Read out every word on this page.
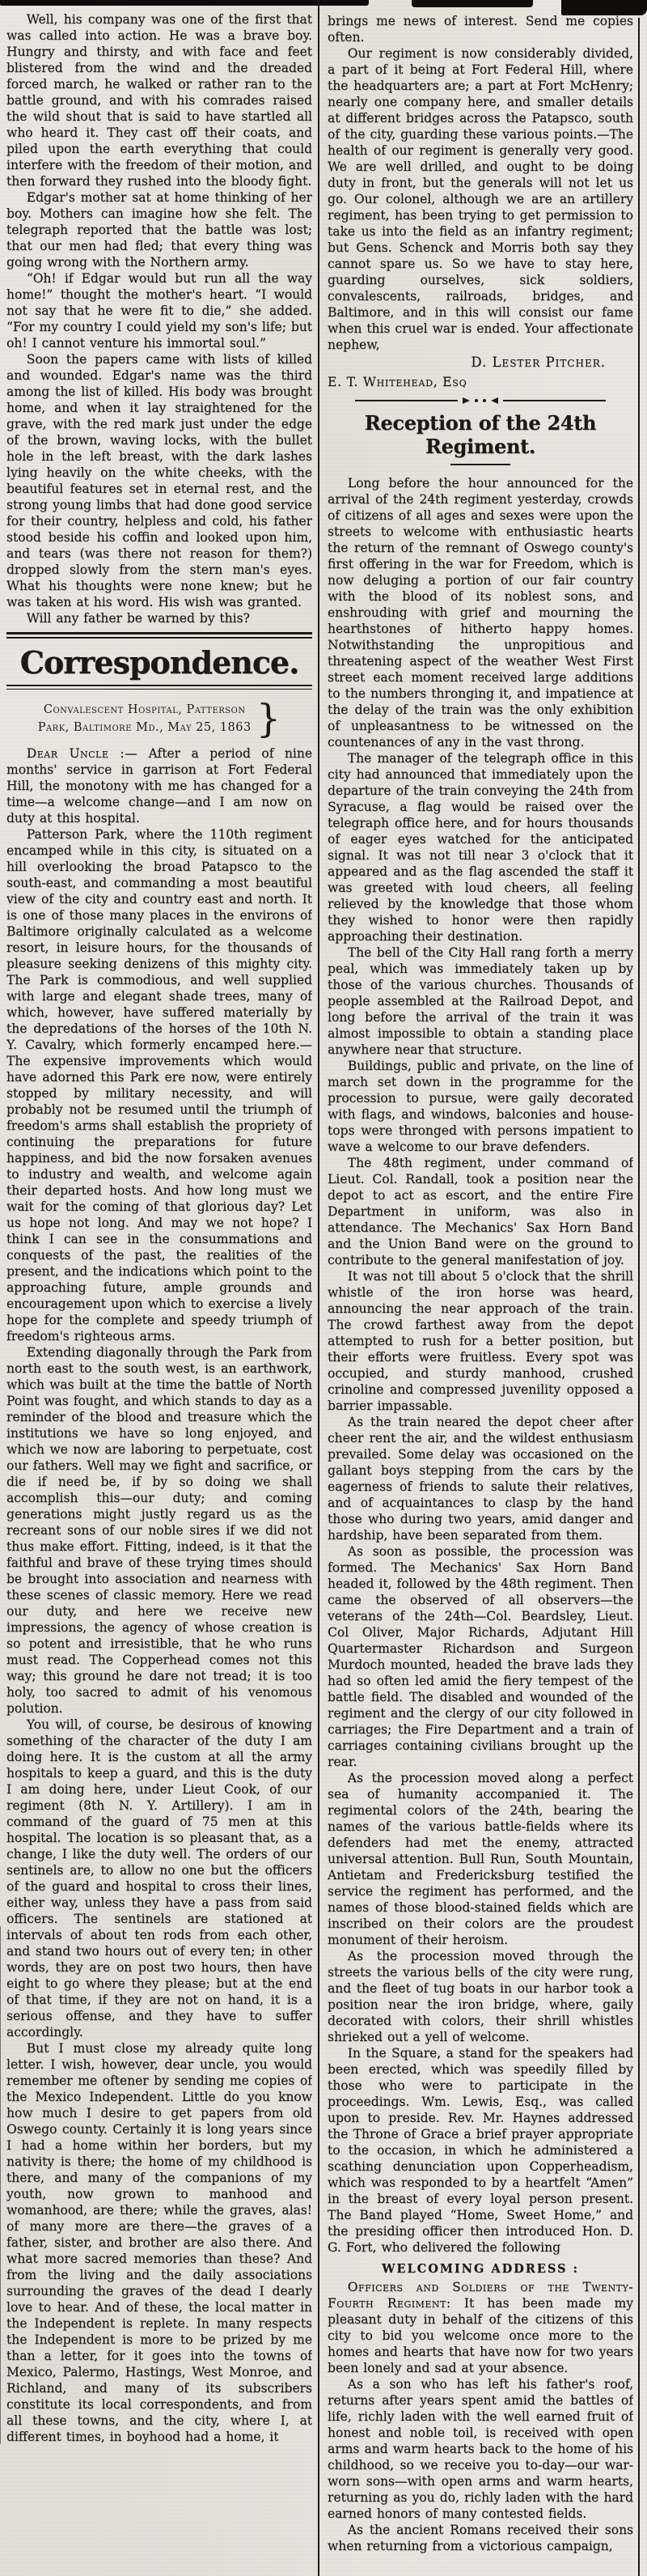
Well, his company was one of the first that was called into action. He was a brave boy. Hungry and thirsty, and with face and feet blistered from the wind and the dreaded forced march, he walked or rather ran to the battle ground, and with his comrades raised the wild shout that is said to have startled all who heard it. They cast off their coats, and piled upon the earth everything that could interfere with the freedom of their motion, and then forward they rushed into the bloody fight.

Edgar's mother sat at home thinking of her boy. Mothers can imagine how she felt. The telegraph reported that the battle was lost; that our men had fled; that every thing was going wrong with the Northern army.

“Oh! if Edgar would but run all the way home!” thought the mother's heart. “I would not say that he were fit to die,” she added. “For my country I could yield my son's life; but oh! I cannot venture his immortal soul.”

Soon the papers came with lists of killed and wounded. Edgar's name was the third among the list of killed. His body was brought home, and when it lay straightened for the grave, with the red mark just under the edge of the brown, waving locks, with the bullet hole in the left breast, with the dark lashes lying heavily on the white cheeks, with the beautiful features set in eternal rest, and the strong young limbs that had done good service for their country, helpless and cold, his father stood beside his coffin and looked upon him, and tears (was there not reason for them?) dropped slowly from the stern man's eyes. What his thoughts were none knew; but he was taken at his word. His wish was granted.

Will any father be warned by this?

Correspondence.
Convalescent Hospital, Patterson
Park, Baltimore Md., May 25, 1863 }

Dear Uncle :— After a period of nine months' service in garrison at Fort Federal Hill, the monotony with me has changed for a time—a welcome change—and I am now on duty at this hospital.

Patterson Park, where the 110th regiment encamped while in this city, is situated on a hill overlooking the broad Patapsco to the south-east, and commanding a most beautiful view of the city and country east and north. It is one of those many places in the environs of Baltimore originally calculated as a welcome resort, in leisure hours, for the thousands of pleasure seeking denizens of this mighty city. The Park is commodious, and well supplied with large and elegant shade trees, many of which, however, have suffered materially by the depredations of the horses of the 10th N. Y. Cavalry, which formerly encamped here.—The expensive improvements which would have adorned this Park ere now, were entirely stopped by military necessity, and will probably not be resumed until the triumph of freedom's arms shall establish the propriety of continuing the preparations for future happiness, and bid the now forsaken avenues to industry and wealth, and welcome again their departed hosts. And how long must we wait for the coming of that glorious day? Let us hope not long. And may we not hope? I think I can see in the consummations and conquests of the past, the realities of the present, and the indications which point to the approaching future, ample grounds and encouragement upon which to exercise a lively hope for the complete and speedy triumph of freedom's righteous arms.

Extending diagonally through the Park from north east to the south west, is an earthwork, which was built at the time the battle of North Point was fought, and which stands to day as a reminder of the blood and treasure which the institutions we have so long enjoyed, and which we now are laboring to perpetuate, cost our fathers. Well may we fight and sacrifice, or die if need be, if by so doing we shall accomplish this—our duty; and coming generations might justly regard us as the recreant sons of our noble sires if we did not thus make effort. Fitting, indeed, is it that the faithful and brave of these trying times should be brought into association and nearness with these scenes of classic memory. Here we read our duty, and here we receive new impressions, the agency of whose creation is so potent and irresistible, that he who runs must read. The Copperhead comes not this way; this ground he dare not tread; it is too holy, too sacred to admit of his venomous polution.

You will, of course, be desirous of knowing something of the character of the duty I am doing here. It is the custom at all the army hospitals to keep a guard, and this is the duty I am doing here, under Lieut Cook, of our regiment (8th N. Y. Artillery). I am in command of the guard of 75 men at this hospital. The location is so pleasant that, as a change, I like the duty well. The orders of our sentinels are, to allow no one but the officers of the guard and hospital to cross their lines, either way, unless they have a pass from said officers. The sentinels are stationed at intervals of about ten rods from each other, and stand two hours out of every ten; in other words, they are on post two hours, then have eight to go where they please; but at the end of that time, if they are not on hand, it is a serious offense, and they have to suffer accordingly.

But I must close my already quite long letter. I wish, however, dear uncle, you would remember me oftener by sending me copies of the Mexico Independent. Little do you know how much I desire to get papers from old Oswego county. Certainly it is long years since I had a home within her borders, but my nativity is there; the home of my childhood is there, and many of the companions of my youth, now grown to manhood and womanhood, are there; while the graves, alas! of many more are there—the graves of a father, sister, and brother are also there. And what more sacred memories than these? And from the living and the daily associations surrounding the graves of the dead I dearly love to hear. And of these, the local matter in the Independent is replete. In many respects the Independent is more to be prized by me than a letter, for it goes into the towns of Mexico, Palermo, Hastings, West Monroe, and Richland, and many of its subscribers constitute its local correspondents, and from all these towns, and the city, where I, at different times, in boyhood had a home, it

brings me news of interest. Send me copies often.

Our regiment is now considerably divided, a part of it being at Fort Federal Hill, where the headquarters are; a part at Fort McHenry; nearly one company here, and smaller details at different bridges across the Patapsco, south of the city, guarding these various points.—The health of our regiment is generally very good. We are well drilled, and ought to be doing duty in front, but the generals will not let us go. Our colonel, although we are an artillery regiment, has been trying to get permission to take us into the field as an infantry regiment; but Gens. Schenck and Morris both say they cannot spare us. So we have to stay here, guarding ourselves, sick soldiers, convalescents, railroads, bridges, and Baltimore, and in this will consist our fame when this cruel war is ended. Your affectionate nephew,

D. Lester Pitcher.
E. T. Whitehead, Esq
Reception of the 24th Regiment.

Long before the hour announced for the arrival of the 24th regiment yesterday, crowds of citizens of all ages and sexes were upon the streets to welcome with enthusiastic hearts the return of the remnant of Oswego county's first offering in the war for Freedom, which is now deluging a portion of our fair country with the blood of its noblest sons, and enshrouding with grief and mourning the hearthstones of hitherto happy homes. Notwithstanding the unpropitious and threatening aspect of the weather West First street each moment received large additions to the numbers thronging it, and impatience at the delay of the train was the only exhibition of unpleasantness to be witnessed on the countenances of any in the vast throng.

The manager of the telegraph office in this city had announced that immediately upon the departure of the train conveying the 24th from Syracuse, a flag would be raised over the telegraph office here, and for hours thousands of eager eyes watched for the anticipated signal. It was not till near 3 o'clock that it appeared and as the flag ascended the staff it was greeted with loud cheers, all feeling relieved by the knowledge that those whom they wished to honor were then rapidly approaching their destination.

The bell of the City Hall rang forth a merry peal, which was immediately taken up by those of the various churches. Thousands of people assembled at the Railroad Depot, and long before the arrival of the train it was almost impossible to obtain a standing place anywhere near that structure.

Buildings, public and private, on the line of march set down in the programme for the procession to pursue, were gaily decorated with flags, and windows, balconies and house-tops were thronged with persons impatient to wave a welcome to our brave defenders.

The 48th regiment, under command of Lieut. Col. Randall, took a position near the depot to act as escort, and the entire Fire Department in uniform, was also in attendance. The Mechanics' Sax Horn Band and the Union Band were on the ground to contribute to the general manifestation of joy.

It was not till about 5 o'clock that the shrill whistle of the iron horse was heard, announcing the near approach of the train. The crowd farthest away from the depot attempted to rush for a better position, but their efforts were fruitless. Every spot was occupied, and sturdy manhood, crushed crinoline and compressed juvenility opposed a barrier impassable.

As the train neared the depot cheer after cheer rent the air, and the wildest enthusiasm prevailed. Some delay was occasioned on the gallant boys stepping from the cars by the eagerness of friends to salute their relatives, and of acquaintances to clasp by the hand those who during two years, amid danger and hardship, have been separated from them.

As soon as possible, the procession was formed. The Mechanics' Sax Horn Band headed it, followed by the 48th regiment. Then came the observed of all observers—the veterans of the 24th—Col. Beardsley, Lieut. Col Oliver, Major Richards, Adjutant Hill Quartermaster Richardson and Surgeon Murdoch mounted, headed the brave lads they had so often led amid the fiery tempest of the battle field. The disabled and wounded of the regiment and the clergy of our city followed in carriages; the Fire Department and a train of carriages containing civilians brought up the rear.

As the procession moved along a perfect sea of humanity accompanied it. The regimental colors of the 24th, bearing the names of the various battle-fields where its defenders had met the enemy, attracted universal attention. Bull Run, South Mountain, Antietam and Fredericksburg testified the service the regiment has performed, and the names of those blood-stained fields which are inscribed on their colors are the proudest monument of their heroism.

As the procession moved through the streets the various bells of the city were rung, and the fleet of tug boats in our harbor took a position near the iron bridge, where, gaily decorated with colors, their shrill whistles shrieked out a yell of welcome.

In the Square, a stand for the speakers had been erected, which was speedily filled by those who were to participate in the proceedings. Wm. Lewis, Esq., was called upon to preside. Rev. Mr. Haynes addressed the Throne of Grace a brief prayer appropriate to the occasion, in which he administered a scathing denunciation upon Copperheadism, which was responded to by a heartfelt “Amen” in the breast of every loyal person present. The Band played “Home, Sweet Home,” and the presiding officer then introduced Hon. D. G. Fort, who delivered the following

WELCOMING ADDRESS :

Officers and Soldiers of the Twenty-Fourth Regiment: It has been made my pleasant duty in behalf of the citizens of this city to bid you welcome once more to the homes and hearts that have now for two years been lonely and sad at your absence.

As a son who has left his father's roof, returns after years spent amid the battles of life, richly laden with the well earned fruit of honest and noble toil, is received with open arms and warm hearts back to the home of his childhood, so we receive you to-day—our war-worn sons—with open arms and warm hearts, returning as you do, richly laden with the hard earned honors of many contested fields.

As the ancient Romans received their sons when returning from a victorious campaign,
